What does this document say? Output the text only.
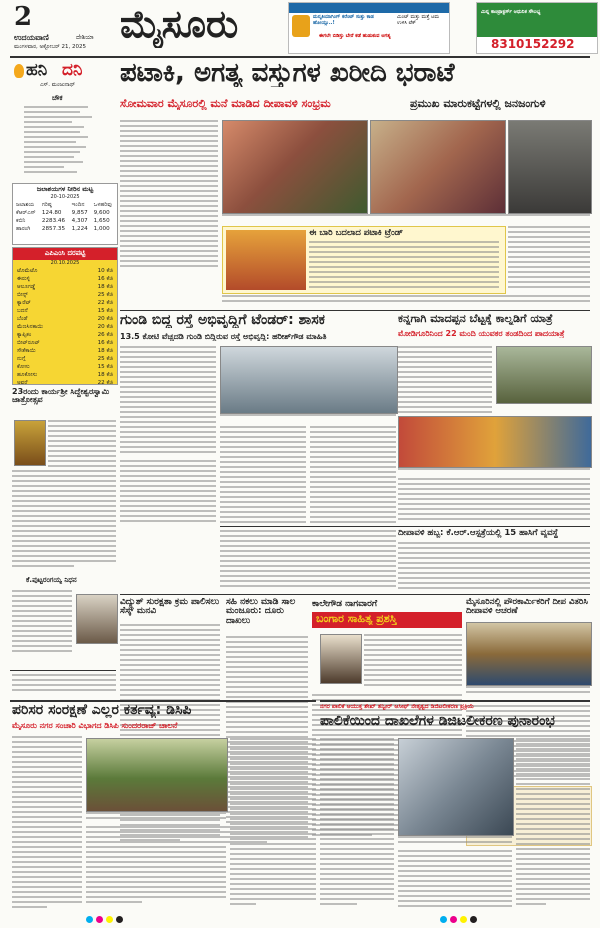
2
ಉದಯವಾಣಿ	ದೇಶಿಯಾ
ಮಂಗಳವಾರ, ಅಕ್ಟೋಬರ್ 21, 2025
ಮೈಸೂರು	ಮನ್ಮತಿಯಾಗಿಂಗ್ ಕರೆಂಟ್ ಸುತ್ತು ಕಾಡ ಹೋಯ್ಸು..!
ಈಗಲೇ ಬಿಡಿಸ್ತು ಬೇರೆ ಕಡೆ ಹುಡುಕುವ ಅಗತ್ಯ
ಮಿಂಟ್ ಮತ್ತು ಮತ್ತೆ ಟಮ ಉಳಿಸಿ ಟೆಕ್‌
ಮಿನ್ನ ಕಾಂಟ್ರಾಕ್ಟರ್ಸ್ ಆಧುನಿಕ ಸೌಲಭ್ಯ
8310152292
ಹನಿ ದನಿ
ಎಸ್. ಮಂಜುನಾಥ್
ಚೌಕ
ಜಲಾಶಯಗಳ ನೀರಿನ ಮಟ್ಟ
20-10-2025
ಜಲಾಶಯ	ಗರಿಷ್ಠ	ಇಂದಿನ	ಒಳಹರಿವು
ಕೆಆರ್‌ಎಸ್	124.80	9,857	9,600
ಕಬಿನಿ	2283.46	4,307	1,650
ಹಾರಂಗಿ	2857.35	1,224	1,000
ಎಪಿಎಂಸಿ ದರಪಟ್ಟಿ
20.10.2025
ಟೊಮೆಟೊ	10 ಕೆಜಿ
ಈರುಳ್ಳಿ	16 ಕೆಜಿ
ಆಲೂಗಡ್ಡೆ	18 ಕೆಜಿ
ಬೀನ್ಸ್	25 ಕೆಜಿ
ಕ್ಯಾರೆಟ್	22 ಕೆಜಿ
ಬದನೆ	15 ಕೆಜಿ
ಬೆಂಡೆ	20 ಕೆಜಿ
ಮೆಣಸಿನಕಾಯಿ	20 ಕೆಜಿ
ಕ್ಯಾಪ್ಸಿಕಂ	26 ಕೆಜಿ
ಬೀಟ್‌ರೂಟ್	16 ಕೆಜಿ
ಸೌತೆಕಾಯಿ	18 ಕೆಜಿ
ನುಗ್ಗೆ	25 ಕೆಜಿ
ಕೋಸು	15 ಕೆಜಿ
ಹೂಕೋಸು	18 ಕೆಜಿ
ಅವರೆ	22 ಕೆಜಿ
23ರಂದು ಕಾರ್ಯಶ್ರೀ ಸಿದ್ದೇಶ್ವರಸ್ವಾಮಿ ಜಾತ್ರೋತ್ಸವ
ಕೆ.ಪುಟ್ಟರಂಗಯ್ಯ ನಿಧನ
ಪಟಾಕಿ, ಅಗತ್ಯ ವಸ್ತುಗಳ ಖರೀದಿ ಭರಾಟೆ
ಸೋಮವಾರ ಮೈಸೂರಲ್ಲಿ ಮನೆ ಮಾಡಿದ ದೀಪಾವಳಿ ಸಂಭ್ರಮ	ಪ್ರಮುಖ ಮಾರುಕಟ್ಟೆಗಳಲ್ಲಿ ಜನಜಂಗುಳಿ
ಈ ಬಾರಿ ಬದಲಾದ ಪಟಾಕಿ ಟ್ರೆಂಡ್
ಗುಂಡಿ ಬಿದ್ದ ರಸ್ತೆ ಅಭಿವೃದ್ಧಿಗೆ ಟೆಂಡರ್: ಶಾಸಕ
13.5 ಕೋಟಿ ವೆಚ್ಚದಡಿ ಗುಂಡಿ ಬಿದ್ದಿರುವ ರಸ್ತೆ ಅಭಿವೃದ್ಧಿ: ಹರೀಶ್‌ಗೌಡ ಮಾಹಿತಿ
ಕನ್ನಗಾಗಿ ಮಾದಪ್ಪನ ಬೆಟ್ಟಕ್ಕೆ ಕಾಲ್ನಡಿಗೆ ಯಾತ್ರೆ
ಮೋಡಿಗೂರಿನಿಂದ 22 ಮಂದಿ ಯುವಕರ ತಂಡದಿಂದ ಪಾದಯಾತ್ರೆ
ದೀಪಾವಳಿ ಹಬ್ಬ: ಕೆ.ಆರ್.ಆಸ್ಪತ್ರೆಯಲ್ಲಿ 15 ಹಾಸಿಗೆ ವ್ಯವಸ್ಥೆ
ವಿದ್ಯುತ್ ಸುರಕ್ಷತಾ ಕ್ರಮ ಪಾಲಿಸಲು ಸೆಸ್ಕ್ ಮನವಿ
ಸಹಿ ನಕಲು ಮಾಡಿ ಸಾಲ ಮಂಜೂರು: ದೂರು ದಾಖಲು
ಕಾಲೇಗೌಡ ನಾಗವಾರಗೆ
ಬಂಗಾರ ಸಾಹಿತ್ಯ ಪ್ರಶಸ್ತಿ
ಮೈಸೂರಿನಲ್ಲಿ ಪೌರಕಾರ್ಮಿಕರಿಗೆ ದೀಪ ವಿತರಿಸಿ ದೀಪಾವಳಿ ಆಚರಣೆ
ಪರಿಸರ ಸಂರಕ್ಷಣೆ ಎಲ್ಲರ ಕರ್ತವ್ಯ: ಡಿಸಿಪಿ
ಮೈಸೂರು ನಗರ ಸಂಚಾರಿ ವಿಭಾಗದ ಡಿಸಿಪಿ ಸುಂದರರಾಜ್ ಚಾಲನೆ
ನಗರ ಪಾಲಿಕೆ ಆಯುಕ್ತ ಶೇಖ್‌ ತನ್ವೀರ್ ಆಸೀಫ್ ನೇತೃತ್ವದ ಡಿಜಿಟಲೀಕರಣ ಪ್ರಕ್ರಿಯೆ
ಪಾಲಿಕೆಯಿಂದ ದಾಖಲೆಗಳ ಡಿಜಿಟಲೀಕರಣ ಪುನಾರಂಭ
